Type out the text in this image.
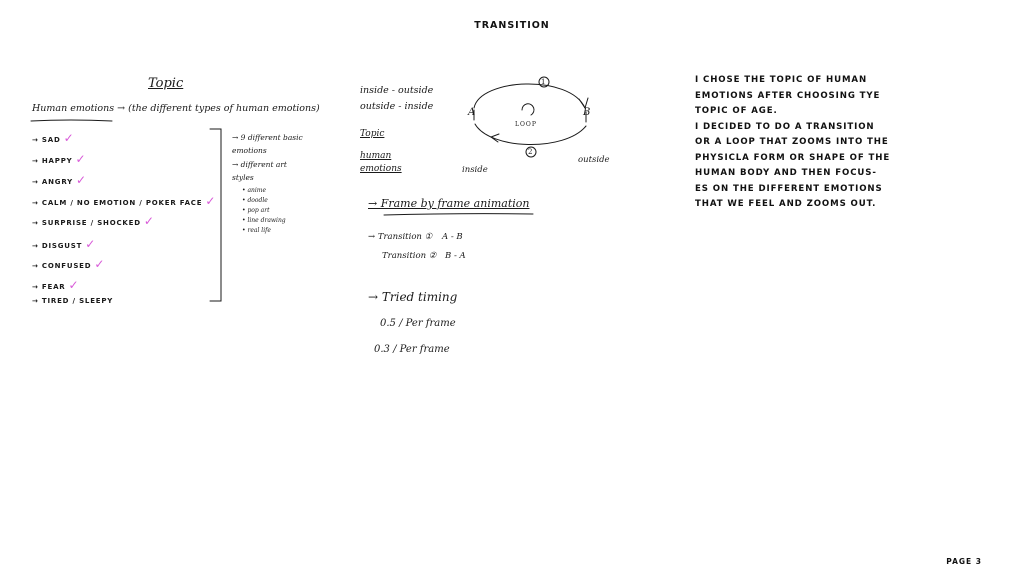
TRANSITION
Topic
Human emotions → (the different types of human emotions)
→ SAD ✓
→ HAPPY ✓
→ ANGRY ✓
→ CALM / NO EMOTION / POKER FACE ✓
→ SURPRISE / SHOCKED ✓
→ DISGUST ✓
→ CONFUSED ✓
→ FEAR ✓
→ TIRED / SLEEPY
→ 9 different basic emotions
→ different art styles
• anime
• doodle
• pop art
• line drawing
• real life
inside - outside
outside - inside
Topic
human emotions
A	B
LOOP
1
2
inside
outside
→ Frame by frame animation
→ Transition ① A - B
Transition ② B - A
→ Tried timing
0.5 / Per frame
0.3 / Per frame
I CHOSE THE TOPIC OF HUMAN
EMOTIONS AFTER CHOOSING TYE
TOPIC OF AGE.
I DECIDED TO DO A TRANSITION
OR A LOOP THAT ZOOMS INTO THE
PHYSICLA FORM OR SHAPE OF THE
HUMAN BODY AND THEN FOCUS-
ES ON THE DIFFERENT EMOTIONS
THAT WE FEEL AND ZOOMS OUT.
PAGE 3
